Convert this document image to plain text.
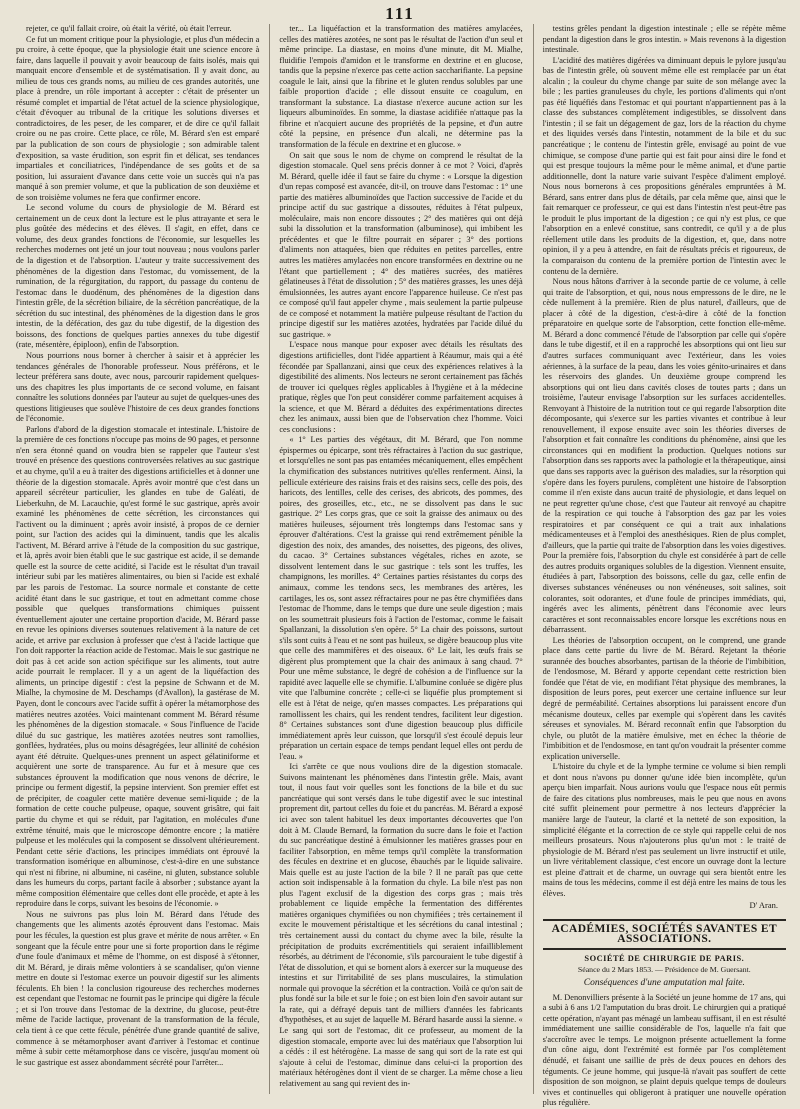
111

rejeter, ce qu'il fallait croire, où était la vérité, où était l'erreur.

Ce fut un moment critique pour la physiologie, et plus d'un médecin a pu croire, à cette époque, que la physiologie était une science encore à faire, dans laquelle il pouvait y avoir beaucoup de faits isolés, mais qui manquait encore d'ensemble et de systématisation. Il y avait donc, au milieu de tous ces grands noms, au milieu de ces grandes autorités, une place à prendre, un rôle important à accepter : c'était de présenter un résumé complet et impartial de l'état actuel de la science physiologique, c'était d'évoquer au tribunal de la critique les solutions diverses et contradictoires, de les peser, de les comparer, et de dire ce qu'il fallait croire ou ne pas croire. Cette place, ce rôle, M. Bérard s'en est emparé par la publication de son cours de physiologie ; son admirable talent d'exposition, sa vaste érudition, son esprit fin et délicat, ses tendances impartiales et conciliatrices, l'indépendance de ses goûts et de sa position, lui assuraient d'avance dans cette voie un succès qui n'a pas manqué à son premier volume, et que la publication de son deuxième et de son troisième volumes ne fera que confirmer encore.

Le second volume du cours de physiologie de M. Bérard est certainement un de ceux dont la lecture est le plus attrayante et sera le plus goûtée des médecins et des élèves. Il s'agit, en effet, dans ce volume, des deux grandes fonctions de l'économie, sur lesquelles les recherches modernes ont jeté un jour tout nouveau ; nous voulons parler de la digestion et de l'absorption. L'auteur y traite successivement des phénomènes de la digestion dans l'estomac, du vomissement, de la rumination, de la régurgitation, du rapport, du passage du contenu de l'estomac dans le duodénum, des phénomènes de la digestion dans l'intestin grêle, de la sécrétion biliaire, de la sécrétion pancréatique, de la sécrétion du suc intestinal, des phénomènes de la digestion dans le gros intestin, de la défécation, des gaz du tube digestif, de la digestion des boissons, des fonctions de quelques parties annexes du tube digestif (rate, mésentère, épiploon), enfin de l'absorption.

Nous pourrions nous borner à chercher à saisir et à apprécier les tendances générales de l'honorable professeur. Nous préférons, et le lecteur préférera sans doute, avec nous, parcourir rapidement quelques-uns des chapitres les plus importants de ce second volume, en faisant connaître les solutions données par l'auteur au sujet de quelques-unes des questions litigieuses que soulève l'histoire de ces deux grandes fonctions de l'économie.

Parlons d'abord de la digestion stomacale et intestinale. L'histoire de la première de ces fonctions n'occupe pas moins de 90 pages, et personne n'en sera étonné quand on voudra bien se rappeler que l'auteur s'est trouvé en présence des questions controversées relatives au suc gastrique et au chyme, qu'il a eu à traiter des digestions artificielles et à donner une théorie de la digestion stomacale. Après avoir montré que c'est dans un appareil sécréteur particulier, les glandes en tube de Galéati, de Lieberkuhn, de M. Lacauchie, qu'est formé le suc gastrique, après avoir examiné les phénomènes de cette sécrétion, les circonstances qui l'activent ou la diminuent ; après avoir insisté, à propos de ce dernier point, sur l'action des acides qui la diminuent, tandis que les alcalis l'activent, M. Bérard arrive à l'étude de la composition du suc gastrique, et là, après avoir bien établi que le suc gastrique est acide, il se demande quelle est la source de cette acidité, si l'acide est le résultat d'un travail intérieur subi par les matières alimentaires, ou bien si l'acide est exhalé par les parois de l'estomac. La source normale et constante de cette acidité étant dans le suc gastrique, et tout en admettant comme chose possible que quelques transformations chimiques puissent éventuellement ajouter une certaine proportion d'acide, M. Bérard passe en revue les opinions diverses soutenues relativement à la nature de cet acide, et arrive par exclusion à professer que c'est à l'acide lactique que l'on doit rapporter la réaction acide de l'estomac. Mais le suc gastrique ne doit pas à cet acide son action spécifique sur les aliments, tout autre acide pourrait le remplacer. Il y a un agent de la liquéfaction des aliments, un principe digestif : c'est la pepsine de Schwann et de M. Mialhe, la chymosine de M. Deschamps (d'Avallon), la gastérase de M. Payen, dont le concours avec l'acide suffit à opérer la métamorphose des matières neutres azotées. Voici maintenant comment M. Bérard résume les phénomènes de la digestion stomacale. « Sous l'influence de l'acide dilué du suc gastrique, les matières azotées neutres sont ramollies, gonflées, hydratées, plus ou moins désagrégées, leur allinité de cohésion ayant été détruite. Quelques-unes prennent un aspect gélatiniforme et acquièrent une sorte de transparence. Au fur et à mesure que ces substances éprouvent la modification que nous venons de décrire, le principe ou ferment digestif, la pepsine intervient. Son premier effet est de précipiter, de coaguler cette matière devenue semi-liquide ; de la formation de cette couche pulpeuse, opaque, souvent grisâtre, qui fait partie du chyme et qui se réduit, par l'agitation, en molécules d'une extrême ténuité, mais que le microscope démontre encore ; la matière pulpeuse et les molécules qui la composent se dissolvent ultérieurement. Pendant cette série d'actions, les principes immédiats ont éprouvé la transformation isomérique en albuminose, c'est-à-dire en une substance qui n'est ni fibrine, ni albumine, ni caséine, ni gluten, substance soluble dans les humeurs du corps, partant facile à absorber ; substance ayant la même composition élémentaire que celles dont elle procède, et apte à les reproduire dans le corps, suivant les besoins de l'économie. »

Nous ne suivrons pas plus loin M. Bérard dans l'étude des changements que les aliments azotés éprouvent dans l'estomac. Mais pour les fécules, la question est plus grave et mérite de nous arrêter. « En songeant que la fécule entre pour une si forte proportion dans le régime d'une foule d'animaux et même de l'homme, on est disposé à s'étonner, dit M. Bérard, je dirais même volontiers à se scandaliser, qu'on vienne mettre en doute si l'estomac exerce un pouvoir digestif sur les aliments féculents. Eh bien ! la conclusion rigoureuse des recherches modernes est cependant que l'estomac ne fournit pas le principe qui digère la fécule ; et si l'on trouve dans l'estomac de la dextrine, du glucose, peut-être même de l'acide lactique, provenant de la transformation de la fécule, cela tient à ce que cette fécule, pénétrée d'une grande quantité de salive, commence à se métamorphoser avant d'arriver à l'estomac et continue même à subir cette métamorphose dans ce viscère, jusqu'au moment où le suc gastrique est assez abondamment sécrété pour l'arrêter...

ter... La liquéfaction et la transformation des matières amylacées, celles des matières azotées, ne sont pas le résultat de l'action d'un seul et même principe. La diastase, en moins d'une minute, dit M. Mialhe, fluidifie l'empois d'amidon et le transforme en dextrine et en glucose, tandis que la pepsine n'exerce pas cette action saccharifiante. La pepsine coagule le lait, ainsi que la fibrine et le gluten rendus solubles par une faible proportion d'acide ; elle dissout ensuite ce coagulum, en transformant la substance. La diastase n'exerce aucune action sur les liqueurs albuminoïdes. En somme, la diastase acidifiée n'attaque pas la fibrine et n'acquiert aucune des propriétés de la pepsine, et d'un autre côté la pepsine, en présence d'un alcali, ne détermine pas la transformation de la fécule en dextrine et en glucose. »

On sait que sous le nom de chyme on comprend le résultat de la digestion stomacale. Quel sens précis donner à ce mot ? Voici, d'après M. Bérard, quelle idée il faut se faire du chyme : « Lorsque la digestion d'un repas composé est avancée, dit-il, on trouve dans l'estomac : 1° une partie des matières albuminoïdes que l'action successive de l'acide et du principe actif du suc gastrique a dissoutes, réduites à l'état pulpeux, moléculaire, mais non encore dissoutes ; 2° des matières qui ont déjà subi la dissolution et la transformation (albuminose), qui imbibent les précédentes et que le filtre pourrait en séparer ; 3° des portions d'aliments non attaquées, bien que réduites en petites parcelles, entre autres les matières amylacées non encore transformées en dextrine ou ne l'étant que partiellement ; 4° des matières sucrées, des matières gélatineuses à l'état de dissolution ; 5° des matières grasses, les unes déjà émulsionnées, les autres ayant encore l'apparence huileuse. Ce n'est pas ce composé qu'il faut appeler chyme , mais seulement la partie pulpeuse de ce composé et notamment la matière pulpeuse résultant de l'action du principe digestif sur les matières azotées, hydratées par l'acide dilué du suc gastrique. »

L'espace nous manque pour exposer avec détails les résultats des digestions artificielles, dont l'idée appartient à Réaumur, mais qui a été fécondée par Spallanzani, ainsi que ceux des expériences relatives à la digestibilité des aliments. Nos lecteurs ne seront certainement pas fâchés de trouver ici quelques règles applicables à l'hygiène et à la médecine pratique, règles que l'on peut considérer comme parfaitement acquises à la science, et que M. Bérard a déduites des expérimentations directes chez les animaux, aussi bien que de l'observation chez l'homme. Voici ces conclusions :

« 1° Les parties des végétaux, dit M. Bérard, que l'on nomme épispermes ou épicarpe, sont très réfractaires à l'action du suc gastrique, et lorsqu'elles ne sont pas pas entamées mécaniquement, elles empêchent la chymification des substances nutritives qu'elles renferment. Ainsi, la pellicule extérieure des raisins frais et des raisins secs, celle des pois, des haricots, des lentilles, celle des cerises, des abricots, des pommes, des poires, des groseilles, etc., etc., ne se dissolvent pas dans le suc gastrique. 2° Les corps gras, que ce soit la graisse des animaux ou des matières huileuses, séjournent très longtemps dans l'estomac sans y éprouver d'altérations. C'est la graisse qui rend extrêmement pénible la digestion des noix, des amandes, des noisettes, des pigeons, des olives, du cacao. 3° Certaines substances végétales, riches en azote, se dissolvent lentement dans le suc gastrique : tels sont les truffes, les champignons, les morilles. 4° Certaines parties résistantes du corps des animaux, comme les tendons secs, les membranes des artères, les cartilages, les os, sont assez réfractaires pour ne pas être chymifiées dans l'estomac de l'homme, dans le temps que dure une seule digestion ; mais on les soumettrait plusieurs fois à l'action de l'estomac, comme le faisait Spallanzani, la dissolution s'en opère. 5° La chair des poissons, surtout s'ils sont cuits à l'eau et ne sont pas huileux, se digère beaucoup plus vite que celle des mammifères et des oiseaux. 6° Le lait, les œufs frais se digèrent plus promptement que la chair des animaux à sang chaud. 7° Pour une même substance, le degré de cohésion a de l'influence sur la rapidité avec laquelle elle se chymifie. L'albumine conluée se digère plus vite que l'albumine concrète ; celle-ci se liquéfie plus promptement si elle est à l'état de neige, qu'en masses compactes. Les préparations qui ramollissent les chairs, qui les rendent tendres, facilitent leur digestion. 8° Certaines substances sont d'une digestion beaucoup plus difficile immédiatement après leur cuisson, que lorsqu'il s'est écoulé depuis leur préparation un certain espace de temps pendant lequel elles ont perdu de l'eau. »

Ici s'arrête ce que nous voulions dire de la digestion stomacale. Suivons maintenant les phénomènes dans l'intestin grêle. Mais, avant tout, il nous faut voir quelles sont les fonctions de la bile et du suc pancréatique qui sont versés dans le tube digestif avec le suc intestinal proprement dit, partout celles du foie et du pancréas. M. Bérard a exposé ici avec son talent habituel les deux importantes découvertes que l'on doit à M. Claude Bernard, la formation du sucre dans le foie et l'action du suc pancréatique destiné à émulsionner les matières grasses pour en faciliter l'absorption, en même temps qu'il complète la transformation des fécules en dextrine et en glucose, ébauchés par le liquide salivaire. Mais quelle est au juste l'action de la bile ? Il ne paraît pas que cette action soit indispensable à la formation du chyle. La bile n'est pas non plus l'agent exclusif de la digestion des corps gras ; mais très probablement ce liquide empêche la fermentation des différentes matières organiques chymifiées ou non chymifiées ; très certainement il excite le mouvement péristaltique et les sécrétions du canal intestinal ; très certainement aussi du contact du chyme avec la bile, résulte la précipitation de produits excrémentitiels qui seraient infailliblement résorbés, au détriment de l'économie, s'ils parcouraient le tube digestif à l'état de dissolution, et qui se bornent alors à exercer sur la muqueuse des intestins et sur l'irritabilité de ses plans musculaires, la stimulation normale qui provoque la sécrétion et la contraction. Voilà ce qu'on sait de plus fondé sur la bile et sur le foie ; on est bien loin d'en savoir autant sur la rate, qui a défrayé depuis tant de milliers d'années les fabricants d'hypothèses, et au sujet de laquelle M. Bérard hasarde aussi la sienne. « Le sang qui sort de l'estomac, dit ce professeur, au moment de la digestion stomacale, emporte avec lui des matériaux que l'absorption lui a cédés : il est hétérogène. La masse de sang qui sort de la rate est qui s'ajoute à celui de l'estomac, diminue dans celui-ci la proportion des matériaux hétérogènes dont il vient de se charger. La même chose a lieu relativement au sang qui revient des in-

testins grêles pendant la digestion intestinale ; elle se répète même pendant la digestion dans le gros intestin. » Mais revenons à la digestion intestinale.

L'acidité des matières digérées va diminuant depuis le pylore jusqu'au bas de l'intestin grêle, où souvent même elle est remplacée par un état alcalin ; la couleur du chyme change par suite de son mélange avec la bile ; les parties granuleuses du chyle, les portions d'aliments qui n'ont pas été liquéfiés dans l'estomac et qui pourtant n'appartiennent pas à la classe des substances complètement indigestibles, se dissolvent dans l'intestin ; il se fait un dégagement de gaz, lors de la réaction du chyme et des liquides versés dans l'intestin, notamment de la bile et du suc pancréatique ; le contenu de l'intestin grêle, envisagé au point de vue chimique, se compose d'une partie qui est fait pour ainsi dire le fond et qui est presque toujours la même pour le même animal, et d'une partie additionnelle, dont la nature varie suivant l'espèce d'aliment employé. Nous nous bornerons à ces propositions générales empruntées à M. Bérard, sans entrer dans plus de détails, par cela même que, ainsi que le fait remarquer ce professeur, ce qui est dans l'intestin n'est peut-être pas le produit le plus important de la digestion ; ce qui n'y est plus, ce que l'absorption en a enlevé constitue, sans contredit, ce qu'il y a de plus réellement utile dans les produits de la digestion, et, que, dans notre opinion, il y a peu à attendre, en fait de résultats précis et rigoureux, de la comparaison du contenu de la première portion de l'intestin avec le contenu de la dernière.

Nous nous hâtons d'arriver à la seconde partie de ce volume, à celle qui traite de l'absorption, et qui, nous nous empressons de le dire, ne le cède nullement à la première. Rien de plus naturel, d'ailleurs, que de placer à côté de la digestion, c'est-à-dire à côté de la fonction préparatoire en quelque sorte de l'absorption, cette fonction elle-même. M. Bérard a donc commencé l'étude de l'absorption par celle qui s'opère dans le tube digestif, et il en a rapproché les absorptions qui ont lieu sur d'autres surfaces communiquant avec l'extérieur, dans les voies aériennes, à la surface de la peau, dans les voies génito-urinaires et dans les réservoirs des glandes. Un deuxième groupe comprend les absorptions qui ont lieu dans cavités closes de toutes parts ; dans un troisième, l'auteur envisage l'absorption sur les surfaces accidentelles. Renvoyant à l'histoire de la nutrition tout ce qui regarde l'absorption dite décomposante, qui s'exerce sur les parties vivantes et contribue à leur renouvellement, il expose ensuite avec soin les théories diverses de l'absorption et fait connaître les conditions du phénomène, ainsi que les circonstances qui en modifient la production. Quelques notions sur l'absorption dans ses rapports avec la pathologie et la thérapeutique, ainsi que dans ses rapports avec la guérison des maladies, sur la résorption qui s'opère dans les foyers purulens, complètent une histoire de l'absorption comme il n'en existe dans aucun traité de physiologie, et dans lequel on ne peut regretter qu'une chose, c'est que l'auteur ait renvoyé au chapitre de la respiration ce qui touche à l'absorption des gaz par les voies respiratoires et par conséquent ce qui a trait aux inhalations médicamenteuses et à l'emploi des anesthésiques. Rien de plus complet, d'ailleurs, que la partie qui traite de l'absorption dans les voies digestives. Pour la première fois, l'absorption du chyle est considérée à part de celle des autres produits organiques solubles de la digestion. Viennent ensuite, étudiées à part, l'absorption des boissons, celle du gaz, celle enfin de diverses substances vénéneuses ou non vénéneuses, soit salines, soit colorantes, soit odorantes, et d'une foule de principes immédiats, qui, ingérés avec les aliments, pénètrent dans l'économie avec leurs caractères et sont reconnaissables encore lorsque les excrétions nous en débarrassent.

Les théories de l'absorption occupent, on le comprend, une grande place dans cette partie du livre de M. Bérard. Rejetant la théorie surannée des bouches absorbantes, partisan de la théorie de l'imbibition, de l'endosmose, M. Bérard y apporte cependant cette restriction bien fondée que l'état de vie, en modifiant l'état physique des membranes, la disposition de leurs pores, peut exercer une certaine influence sur leur degré de perméabilité. Certaines absorptions lui paraissent encore d'un mécanisme douteux, celles par exemple qui s'opèrent dans les cavités séreuses et synoviales. M. Bérard reconnaît enfin que l'absorption du chyle, ou plutôt de la matière émulsive, met en échec la théorie de l'imbibition et de l'endosmose, en tant qu'on voudrait la présenter comme explication universelle.

L'histoire du chyle et de la lymphe termine ce volume si bien rempli et dont nous n'avons pu donner qu'une idée bien incomplète, qu'un aperçu bien imparfait. Nous aurions voulu que l'espace nous eût permis de faire des citations plus nombreuses, mais le peu que nous en avons cité suffit pleinement pour permettre à nos lecteurs d'apprécier la manière large de l'auteur, la clarté et la netteté de son exposition, la simplicité élégante et la correction de ce style qui rappelle celui de nos meilleurs prosateurs. Nous n'ajouterons plus qu'un mot : le traité de physiologie de M. Bérard n'est pas seulement un livre instructif et utile, un livre véritablement classique, c'est encore un ouvrage dont la lecture est pleine d'attrait et de charme, un ouvrage qui sera bientôt entre les mains de tous les médecins, comme il est déjà entre les mains de tous les élèves.

D' Aran.
ACADÉMIES, SOCIÉTÉS SAVANTES ET ASSOCIATIONS.
SOCIÉTÉ DE CHIRURGIE DE PARIS.
Séance du 2 Mars 1853. — Présidence de M. Guersant.
Conséquences d'une amputation mal faite.

M. Denonvilliers présente à la Société un jeune homme de 17 ans, qui a subi à 6 ans 1/2 l'amputation du bras droit. Le chirurgien qui a pratiqué cette opération, n'ayant pas ménagé un lambeau suffisant, il en est résulté immédiatement une saillie considérable de l'os, laquelle n'a fait que s'accroître avec le temps. Le moignon présente actuellement la forme d'un cône aigu, dont l'extrémité est formée par l'os complètement dénudé, et faisant une saillie de près de deux pouces en dehors des téguments. Ce jeune homme, qui jusque-là n'avait pas souffert de cette disposition de son moignon, se plaint depuis quelque temps de douleurs vives et continuelles qui obligeront à pratiquer une nouvelle opération plus régulière.
